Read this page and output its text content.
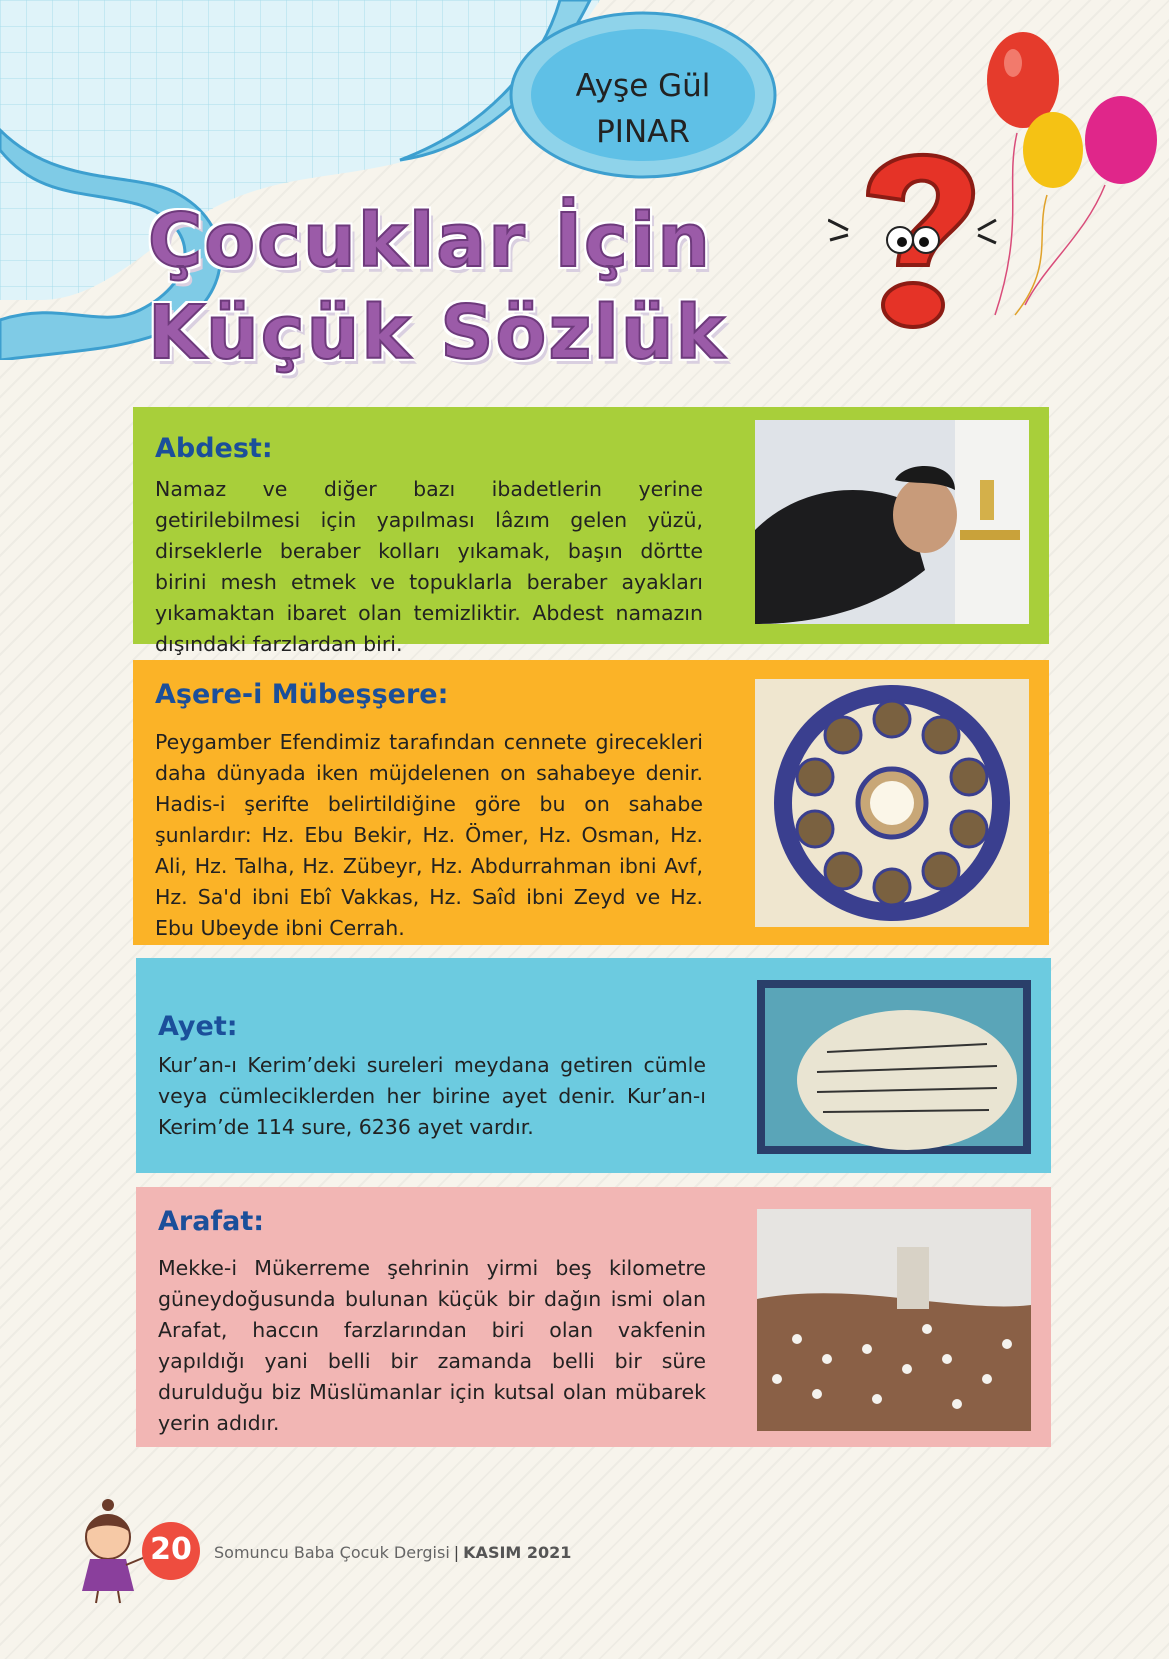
Ayşe Gül
PINAR
Çocuklar İçin
Küçük Sözlük
Abdest:

Namaz ve diğer bazı ibadetlerin yerine getirilebilmesi için yapılması lâzım gelen yüzü, dirseklerle beraber kolları yıkamak, başın dörtte birini mesh etmek ve topuklarla beraber ayakları yıkamaktan ibaret olan temizliktir. Abdest namazın dışındaki farzlardan biri.

Aşere-i Mübeşşere:

Peygamber Efendimiz tarafından cennete girecekleri daha dünyada iken müjdelenen on sahabeye denir. Hadis-i şerifte belirtildiğine göre bu on sahabe şunlardır: Hz. Ebu Bekir, Hz. Ömer, Hz. Osman, Hz. Ali, Hz. Talha, Hz. Zübeyr, Hz. Abdurrahman ibni Avf, Hz. Sa'd ibni Ebî Vakkas, Hz. Saîd ibni Zeyd ve Hz. Ebu Ubeyde ibni Cerrah.

Ayet:

Kur’an-ı Kerim’deki sureleri meydana getiren cümle veya cümleciklerden her birine ayet denir. Kur’an-ı Kerim’de 114 sure, 6236 ayet vardır.

Arafat:

Mekke-i Mükerreme şehrinin yirmi beş kilometre güneydoğusunda bulunan küçük bir dağın ismi olan Arafat, haccın farzlarından biri olan vakfenin yapıldığı yani belli bir zamanda belli bir süre durulduğu biz Müslümanlar için kutsal olan mübarek yerin adıdır.

20	Somuncu Baba Çocuk Dergisi | KASIM 2021
